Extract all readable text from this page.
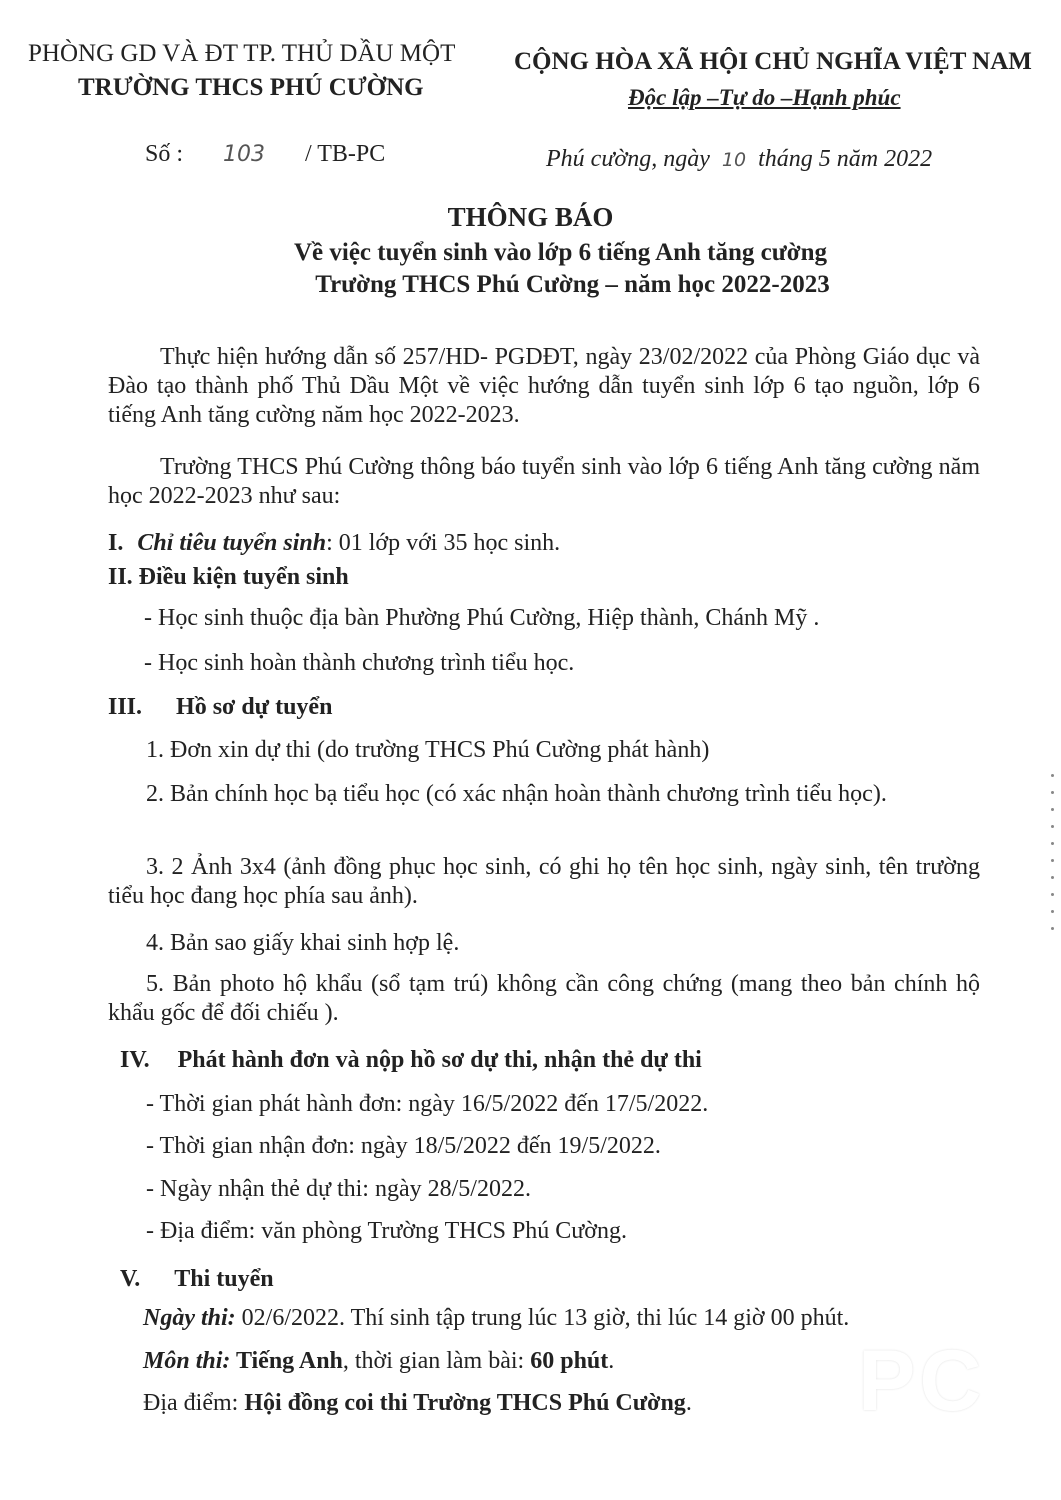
PHÒNG GD VÀ ĐT TP. THỦ DẦU MỘT
TRƯỜNG THCS PHÚ CƯỜNG
CỘNG HÒA XÃ HỘI CHỦ NGHĨA VIỆT NAM
Độc lập –Tự do –Hạnh phúc
Số : 103 / TB-PC	Phú cường, ngày 10 tháng 5 năm 2022
THÔNG BÁO
Về việc tuyển sinh vào lớp 6 tiếng Anh tăng cường
Trường THCS Phú Cường – năm học 2022-2023
Thực hiện hướng dẫn số 257/HD- PGDĐT, ngày 23/02/2022 của Phòng Giáo dục và Đào tạo thành phố Thủ Dầu Một về việc hướng dẫn tuyển sinh lớp 6 tạo nguồn, lớp 6 tiếng Anh tăng cường năm học 2022-2023.
Trường THCS Phú Cường thông báo tuyển sinh vào lớp 6 tiếng Anh tăng cường năm học 2022-2023 như sau:
I. Chỉ tiêu tuyển sinh: 01 lớp với 35 học sinh.
II. Điều kiện tuyển sinh
- Học sinh thuộc địa bàn Phường Phú Cường, Hiệp thành, Chánh Mỹ .
- Học sinh hoàn thành chương trình tiểu học.
III. Hồ sơ dự tuyển
1. Đơn xin dự thi (do trường THCS Phú Cường phát hành)
2. Bản chính học bạ tiểu học (có xác nhận hoàn thành chương trình tiểu học).
3. 2 Ảnh 3x4 (ảnh đồng phục học sinh, có ghi họ tên học sinh, ngày sinh, tên trường tiểu học đang học phía sau ảnh).
4. Bản sao giấy khai sinh hợp lệ.
5. Bản photo hộ khẩu (sổ tạm trú) không cần công chứng (mang theo bản chính hộ khẩu gốc để đối chiếu ).
IV. Phát hành đơn và nộp hồ sơ dự thi, nhận thẻ dự thi
- Thời gian phát hành đơn: ngày 16/5/2022 đến 17/5/2022.
- Thời gian nhận đơn: ngày 18/5/2022 đến 19/5/2022.
- Ngày nhận thẻ dự thi: ngày 28/5/2022.
- Địa điểm: văn phòng Trường THCS Phú Cường.
V. Thi tuyển
Ngày thi: 02/6/2022. Thí sinh tập trung lúc 13 giờ, thi lúc 14 giờ 00 phút.
Môn thi: Tiếng Anh, thời gian làm bài: 60 phút.
Địa điểm: Hội đồng coi thi Trường THCS Phú Cường. PC
